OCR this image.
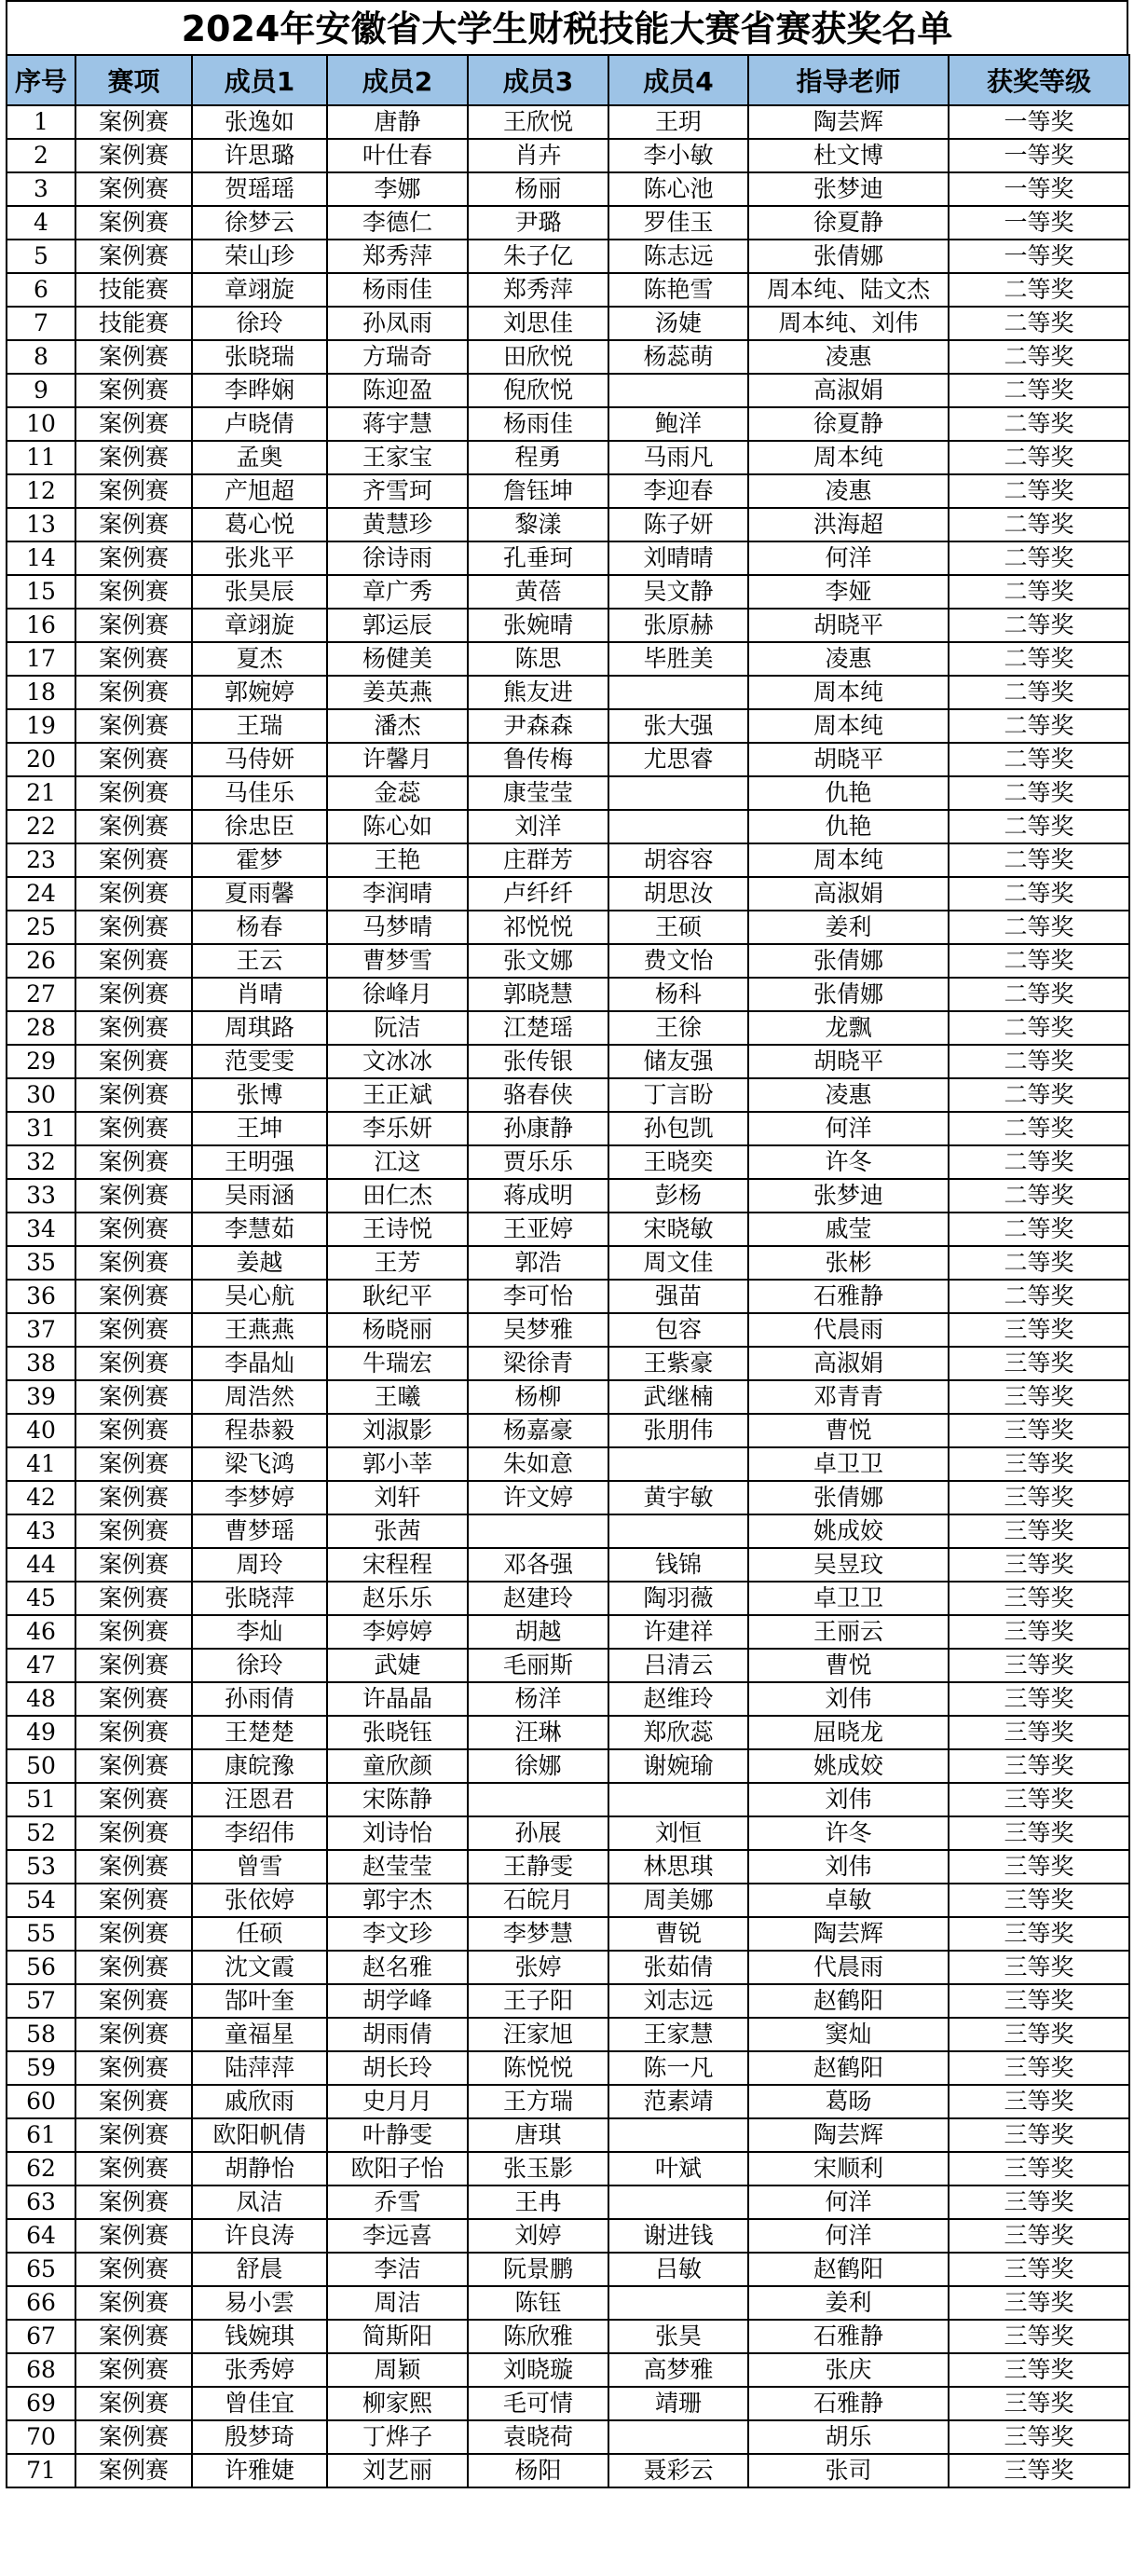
2024年安徽省大学生财税技能大赛省赛获奖名单
序号	赛项	成员1	成员2	成员3	成员4	指导老师	获奖等级
1	案例赛	张逸如	唐静	王欣悦	王玥	陶芸辉	一等奖
2	案例赛	许思璐	叶仕春	肖卉	李小敏	杜文博	一等奖
3	案例赛	贺瑶瑶	李娜	杨丽	陈心池	张梦迪	一等奖
4	案例赛	徐梦云	李德仁	尹璐	罗佳玉	徐夏静	一等奖
5	案例赛	荣山珍	郑秀萍	朱子亿	陈志远	张倩娜	一等奖
6	技能赛	章翊旋	杨雨佳	郑秀萍	陈艳雪	周本纯、陆文杰	二等奖
7	技能赛	徐玲	孙凤雨	刘思佳	汤婕	周本纯、刘伟	二等奖
8	案例赛	张晓瑞	方瑞奇	田欣悦	杨蕊萌	凌惠	二等奖
9	案例赛	李晔娴	陈迎盈	倪欣悦		高淑娟	二等奖
10	案例赛	卢晓倩	蒋宇慧	杨雨佳	鲍洋	徐夏静	二等奖
11	案例赛	孟奥	王家宝	程勇	马雨凡	周本纯	二等奖
12	案例赛	产旭超	齐雪珂	詹钰坤	李迎春	凌惠	二等奖
13	案例赛	葛心悦	黄慧珍	黎漾	陈子妍	洪海超	二等奖
14	案例赛	张兆平	徐诗雨	孔垂珂	刘晴晴	何洋	二等奖
15	案例赛	张昊辰	章广秀	黄蓓	吴文静	李娅	二等奖
16	案例赛	章翊旋	郭运辰	张婉晴	张原赫	胡晓平	二等奖
17	案例赛	夏杰	杨健美	陈思	毕胜美	凌惠	二等奖
18	案例赛	郭婉婷	姜英燕	熊友进		周本纯	二等奖
19	案例赛	王瑞	潘杰	尹森森	张大强	周本纯	二等奖
20	案例赛	马侍妍	许馨月	鲁传梅	尤思睿	胡晓平	二等奖
21	案例赛	马佳乐	金蕊	康莹莹		仇艳	二等奖
22	案例赛	徐忠臣	陈心如	刘洋		仇艳	二等奖
23	案例赛	霍梦	王艳	庄群芳	胡容容	周本纯	二等奖
24	案例赛	夏雨馨	李润晴	卢纤纤	胡思汝	高淑娟	二等奖
25	案例赛	杨春	马梦晴	祁悦悦	王硕	姜利	二等奖
26	案例赛	王云	曹梦雪	张文娜	费文怡	张倩娜	二等奖
27	案例赛	肖晴	徐峰月	郭晓慧	杨科	张倩娜	二等奖
28	案例赛	周琪路	阮洁	江楚瑶	王徐	龙飘	二等奖
29	案例赛	范雯雯	文冰冰	张传银	储友强	胡晓平	二等奖
30	案例赛	张博	王正斌	骆春侠	丁言盼	凌惠	二等奖
31	案例赛	王坤	李乐妍	孙康静	孙包凯	何洋	二等奖
32	案例赛	王明强	江这	贾乐乐	王晓奕	许冬	二等奖
33	案例赛	吴雨涵	田仁杰	蒋成明	彭杨	张梦迪	二等奖
34	案例赛	李慧茹	王诗悦	王亚婷	宋晓敏	戚莹	二等奖
35	案例赛	姜越	王芳	郭浩	周文佳	张彬	二等奖
36	案例赛	吴心航	耿纪平	李可怡	强苗	石雅静	二等奖
37	案例赛	王燕燕	杨晓丽	吴梦雅	包容	代晨雨	三等奖
38	案例赛	李晶灿	牛瑞宏	梁徐青	王紫豪	高淑娟	三等奖
39	案例赛	周浩然	王曦	杨柳	武继楠	邓青青	三等奖
40	案例赛	程恭毅	刘淑影	杨嘉豪	张朋伟	曹悦	三等奖
41	案例赛	梁飞鸿	郭小莘	朱如意		卓卫卫	三等奖
42	案例赛	李梦婷	刘轩	许文婷	黄宇敏	张倩娜	三等奖
43	案例赛	曹梦瑶	张茜			姚成姣	三等奖
44	案例赛	周玲	宋程程	邓各强	钱锦	吴昱玟	三等奖
45	案例赛	张晓萍	赵乐乐	赵建玲	陶羽薇	卓卫卫	三等奖
46	案例赛	李灿	李婷婷	胡越	许建祥	王丽云	三等奖
47	案例赛	徐玲	武婕	毛丽斯	吕清云	曹悦	三等奖
48	案例赛	孙雨倩	许晶晶	杨洋	赵维玲	刘伟	三等奖
49	案例赛	王楚楚	张晓钰	汪琳	郑欣蕊	屈晓龙	三等奖
50	案例赛	康皖豫	童欣颜	徐娜	谢婉瑜	姚成姣	三等奖
51	案例赛	汪恩君	宋陈静			刘伟	三等奖
52	案例赛	李绍伟	刘诗怡	孙展	刘恒	许冬	三等奖
53	案例赛	曾雪	赵莹莹	王静雯	林思琪	刘伟	三等奖
54	案例赛	张依婷	郭宇杰	石皖月	周美娜	卓敏	三等奖
55	案例赛	任硕	李文珍	李梦慧	曹锐	陶芸辉	三等奖
56	案例赛	沈文霞	赵名雅	张婷	张茹倩	代晨雨	三等奖
57	案例赛	郜叶奎	胡学峰	王子阳	刘志远	赵鹤阳	三等奖
58	案例赛	童福星	胡雨倩	汪家旭	王家慧	窦灿	三等奖
59	案例赛	陆萍萍	胡长玲	陈悦悦	陈一凡	赵鹤阳	三等奖
60	案例赛	戚欣雨	史月月	王方瑞	范素靖	葛旸	三等奖
61	案例赛	欧阳帆倩	叶静雯	唐琪		陶芸辉	三等奖
62	案例赛	胡静怡	欧阳子怡	张玉影	叶斌	宋顺利	三等奖
63	案例赛	凤洁	乔雪	王冉		何洋	三等奖
64	案例赛	许良涛	李远喜	刘婷	谢进钱	何洋	三等奖
65	案例赛	舒晨	李洁	阮景鹏	吕敏	赵鹤阳	三等奖
66	案例赛	易小雲	周洁	陈钰		姜利	三等奖
67	案例赛	钱婉琪	简斯阳	陈欣雅	张昊	石雅静	三等奖
68	案例赛	张秀婷	周颖	刘晓璇	高梦雅	张庆	三等奖
69	案例赛	曾佳宜	柳家熙	毛可情	靖珊	石雅静	三等奖
70	案例赛	殷梦琦	丁烨子	袁晓荷		胡乐	三等奖
71	案例赛	许雅婕	刘艺丽	杨阳	聂彩云	张司	三等奖
